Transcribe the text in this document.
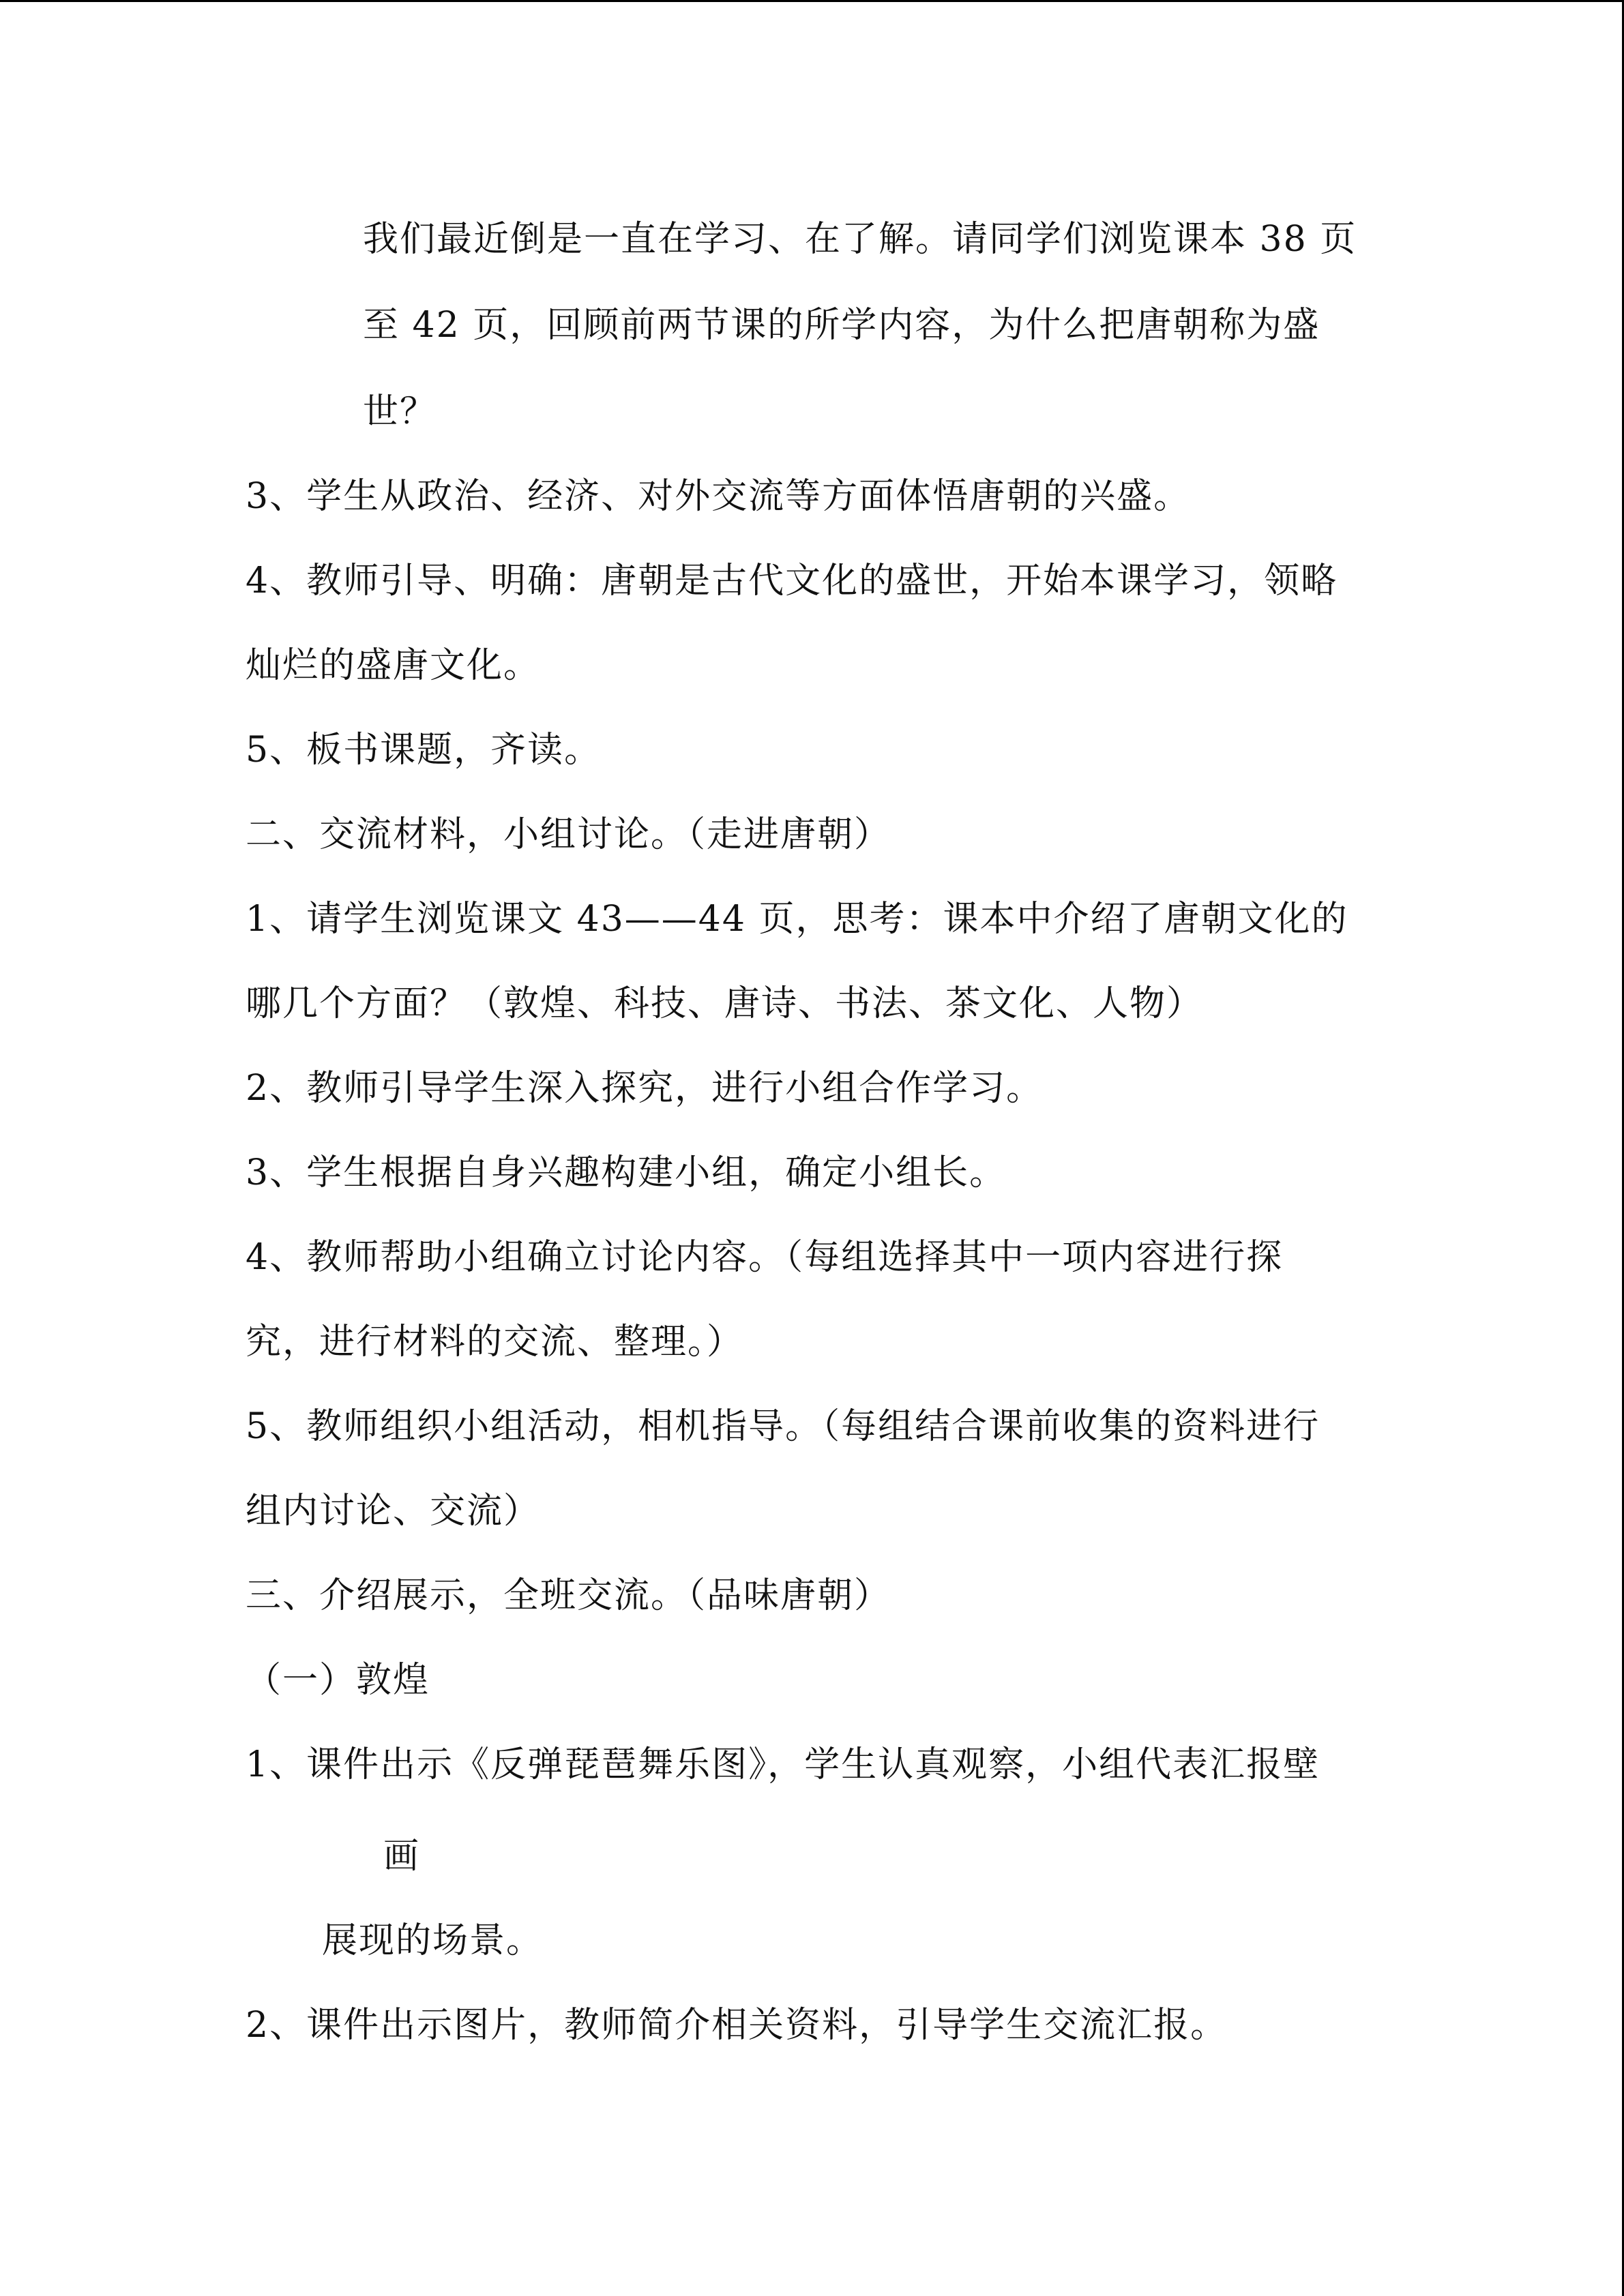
我们最近倒是一直在学习、在了解。请同学们浏览课本 38 页
至 42 页，回顾前两节课的所学内容，为什么把唐朝称为盛
世？
3、学生从政治、经济、对外交流等方面体悟唐朝的兴盛。
4、教师引导、明确：唐朝是古代文化的盛世，开始本课学习，领略
灿烂的盛唐文化。
5、板书课题，齐读。
二、交流材料，小组讨论。（走进唐朝）
1、请学生浏览课文 43——44 页，思考：课本中介绍了唐朝文化的
哪几个方面？（敦煌、科技、唐诗、书法、茶文化、人物）
2、教师引导学生深入探究，进行小组合作学习。
3、学生根据自身兴趣构建小组，确定小组长。
4、教师帮助小组确立讨论内容。（每组选择其中一项内容进行探
究，进行材料的交流、整理。）
5、教师组织小组活动，相机指导。（每组结合课前收集的资料进行
组内讨论、交流）
三、介绍展示，全班交流。（品味唐朝）
（一）敦煌
1、课件出示《反弹琵琶舞乐图》，学生认真观察，小组代表汇报壁
画
展现的场景。
2、课件出示图片，教师简介相关资料，引导学生交流汇报。
